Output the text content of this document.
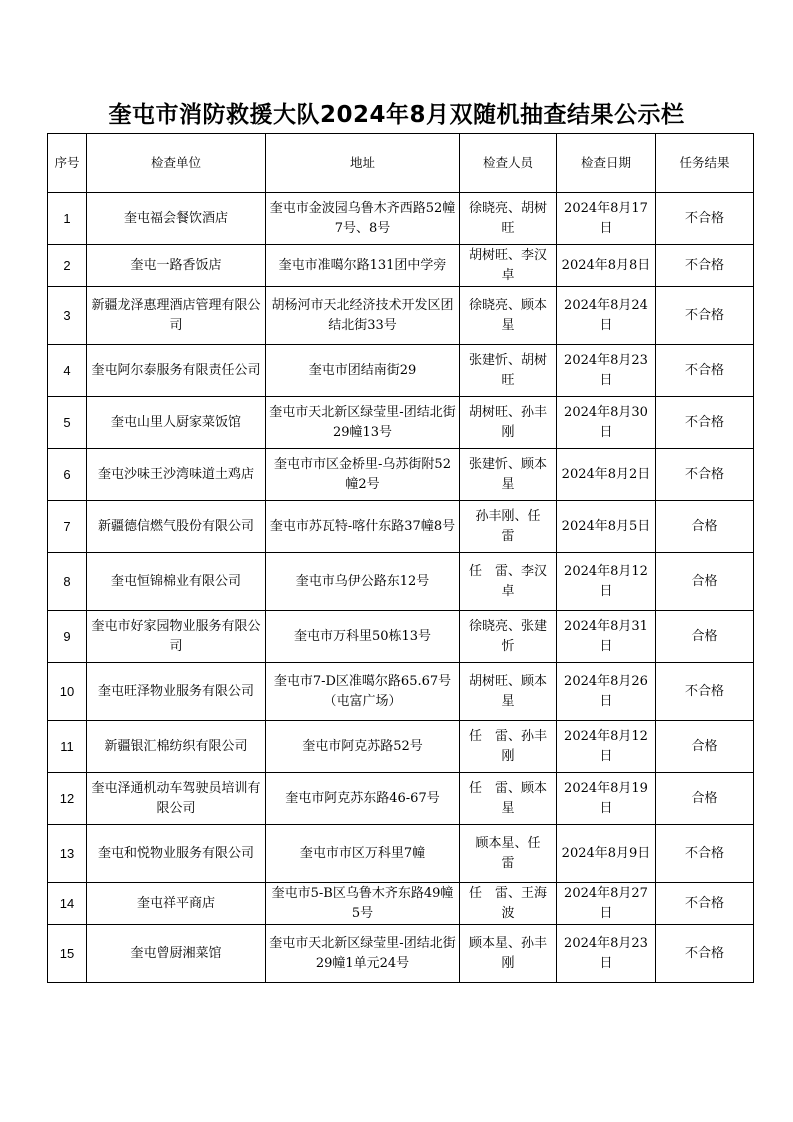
奎屯市消防救援大队2024年8月双随机抽查结果公示栏
序号	检查单位	地址	检查人员	检查日期	任务结果
1	奎屯福会餐饮酒店	奎屯市金波园乌鲁木齐西路52幢7号、8号	徐晓亮、胡树旺	2024年8月17日	不合格
2	奎屯一路香饭店	奎屯市准噶尔路131团中学旁	胡树旺、李汉卓	2024年8月8日	不合格
3	新疆龙泽惠理酒店管理有限公司	胡杨河市天北经济技术开发区团结北街33号	徐晓亮、顾本星	2024年8月24日	不合格
4	奎屯阿尔泰服务有限责任公司	奎屯市团结南街29	张建忻、胡树旺	2024年8月23日	不合格
5	奎屯山里人厨家菜饭馆	奎屯市天北新区绿莹里-团结北街29幢13号	胡树旺、孙丰刚	2024年8月30日	不合格
6	奎屯沙味王沙湾味道土鸡店	奎屯市市区金桥里-乌苏街附52幢2号	张建忻、顾本星	2024年8月2日	不合格
7	新疆德信燃气股份有限公司	奎屯市苏瓦特-喀什东路37幢8号	孙丰刚、任　雷	2024年8月5日	合格
8	奎屯恒锦棉业有限公司	奎屯市乌伊公路东12号	任　雷、李汉卓	2024年8月12日	合格
9	奎屯市好家园物业服务有限公司	奎屯市万科里50栋13号	徐晓亮、张建忻	2024年8月31日	合格
10	奎屯旺泽物业服务有限公司	奎屯市7-D区准噶尔路65.67号（屯富广场）	胡树旺、顾本星	2024年8月26日	不合格
11	新疆银汇棉纺织有限公司	奎屯市阿克苏路52号	任　雷、孙丰刚	2024年8月12日	合格
12	奎屯泽通机动车驾驶员培训有限公司	奎屯市阿克苏东路46-67号	任　雷、顾本星	2024年8月19日	合格
13	奎屯和悦物业服务有限公司	奎屯市市区万科里7幢	顾本星、任　雷	2024年8月9日	不合格
14	奎屯祥平商店	奎屯市5-B区乌鲁木齐东路49幢5号	任　雷、王海波	2024年8月27日	不合格
15	奎屯曾厨湘菜馆	奎屯市天北新区绿莹里-团结北街29幢1单元24号	顾本星、孙丰刚	2024年8月23日	不合格
